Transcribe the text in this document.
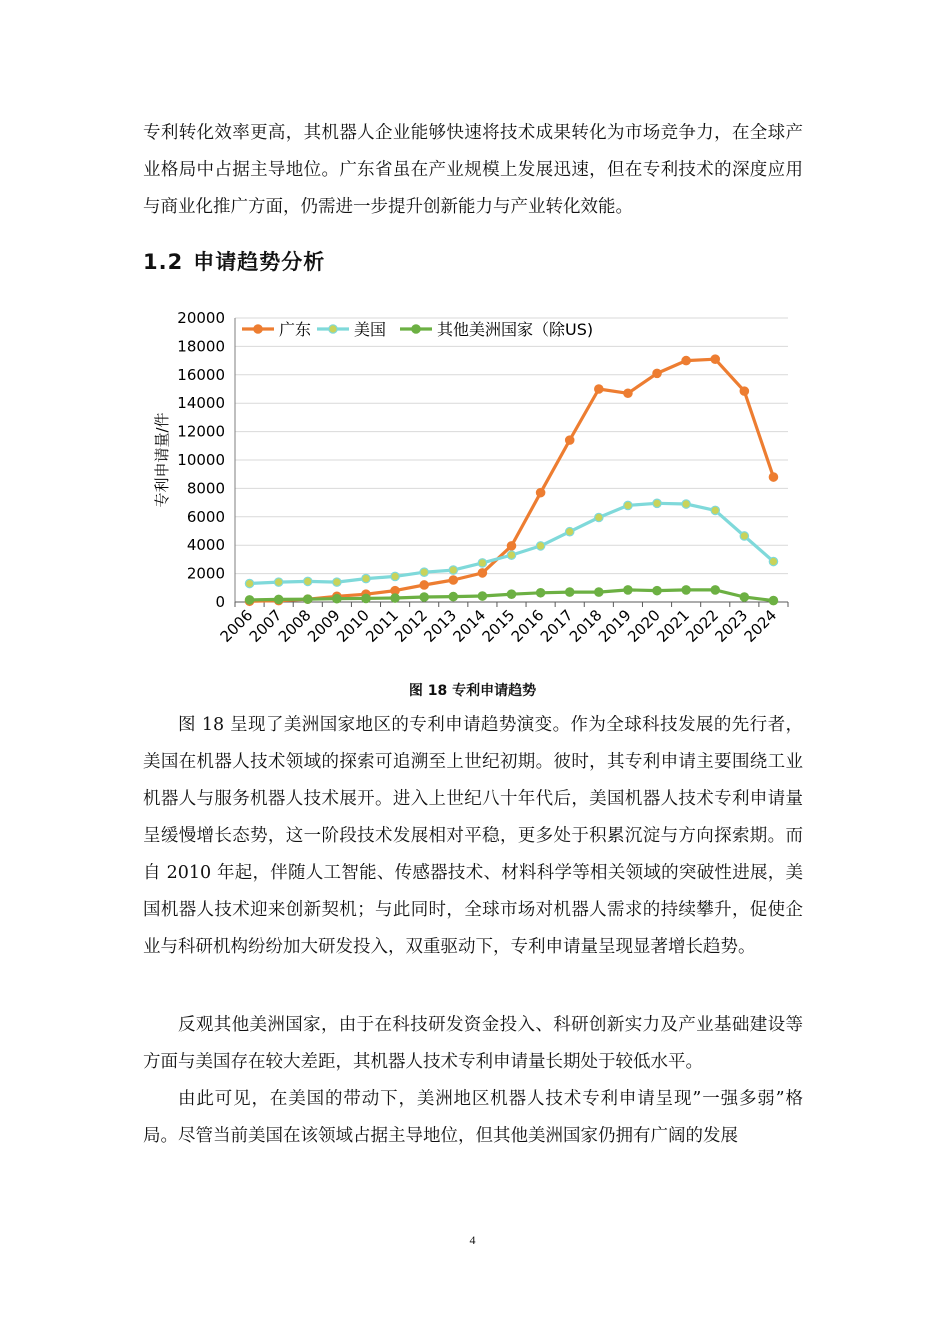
专利转化效率更高，其机器人企业能够快速将技术成果转化为市场竞争力，在全球产业格局中占据主导地位。广东省虽在产业规模上发展迅速，但在专利技术的深度应用与商业化推广方面，仍需进一步提升创新能力与产业转化效能。
1.2 申请趋势分析
0
2000
4000
6000
8000
10000
12000
14000
16000
18000
20000
2006
2007
2008
2009
2010
2011
2012
2013
2014
2015
2016
2017
2018
2019
2020
2021
2022
2023
2024
专利申请量/件
广东	美国	其他美洲国家（除US)
图 18 专利申请趋势
图 18 呈现了美洲国家地区的专利申请趋势演变。作为全球科技发展的先行者，美国在机器人技术领域的探索可追溯至上世纪初期。彼时，其专利申请主要围绕工业机器人与服务机器人技术展开。进入上世纪八十年代后，美国机器人技术专利申请量呈缓慢增长态势，这一阶段技术发展相对平稳，更多处于积累沉淀与方向探索期。而自 2010 年起，伴随人工智能、传感器技术、材料科学等相关领域的突破性进展，美国机器人技术迎来创新契机；与此同时，全球市场对机器人需求的持续攀升，促使企业与科研机构纷纷加大研发投入，双重驱动下，专利申请量呈现显著增长趋势。
反观其他美洲国家，由于在科技研发资金投入、科研创新实力及产业基础建设等方面与美国存在较大差距，其机器人技术专利申请量长期处于较低水平。
由此可见，在美国的带动下，美洲地区机器人技术专利申请呈现”一强多弱”格局。尽管当前美国在该领域占据主导地位，但其他美洲国家仍拥有广阔的发展
4
